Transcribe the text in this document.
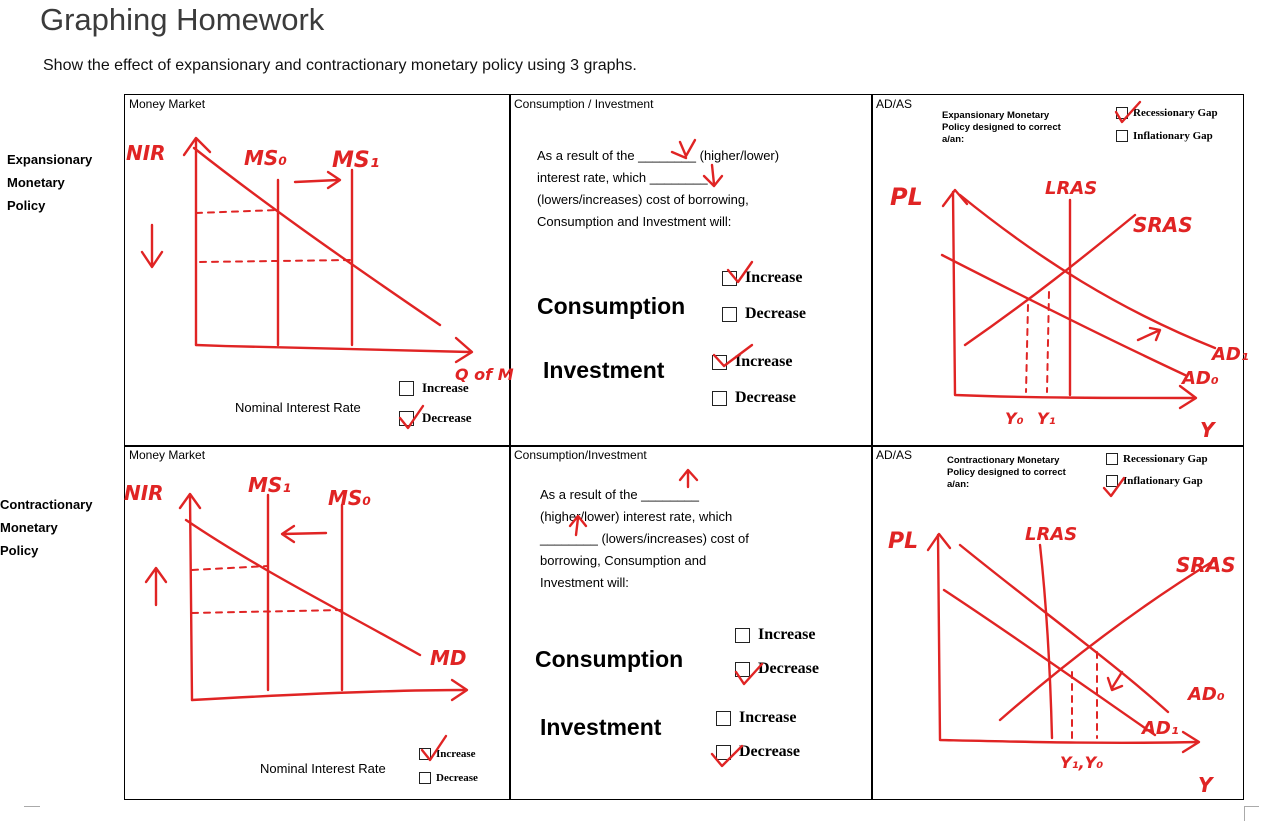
Graphing Homework
Show the effect of expansionary and contractionary monetary policy using 3 graphs.
Expansionary
Monetary
Policy
Contractionary
Monetary
Policy
Money Market
Nominal Interest Rate
Increase
Decrease
Consumption / Investment
As a result of the ________ (higher/lower)
interest rate, which ________
(lowers/increases) cost of borrowing,
Consumption and Investment will:
Increase
Consumption	Decrease
Increase
Investment
Decrease
AD/AS
Expansionary Monetary
Policy designed to correct
a/an:
Recessionary Gap
Inflationary Gap
Money Market
Nominal Interest Rate
Increase
Decrease
Consumption/Investment
As a result of the ________
(higher/lower) interest rate, which
________ (lowers/increases) cost of
borrowing, Consumption and
Investment will:
Increase
Consumption	Decrease
Increase
Investment
Decrease
AD/AS	Contractionary Monetary
Policy designed to correct
a/an:
Recessionary Gap
Inflationary Gap
NIR	MS₀ MS₁
Q of M
PL	LRAS
SRAS
AD₁
AD₀
Y₀ Y₁	Y
NIR	MS₁
MS₀
MD
PL	LRAS
SRAS
AD₀
AD₁
Y₁,Y₀
Y
